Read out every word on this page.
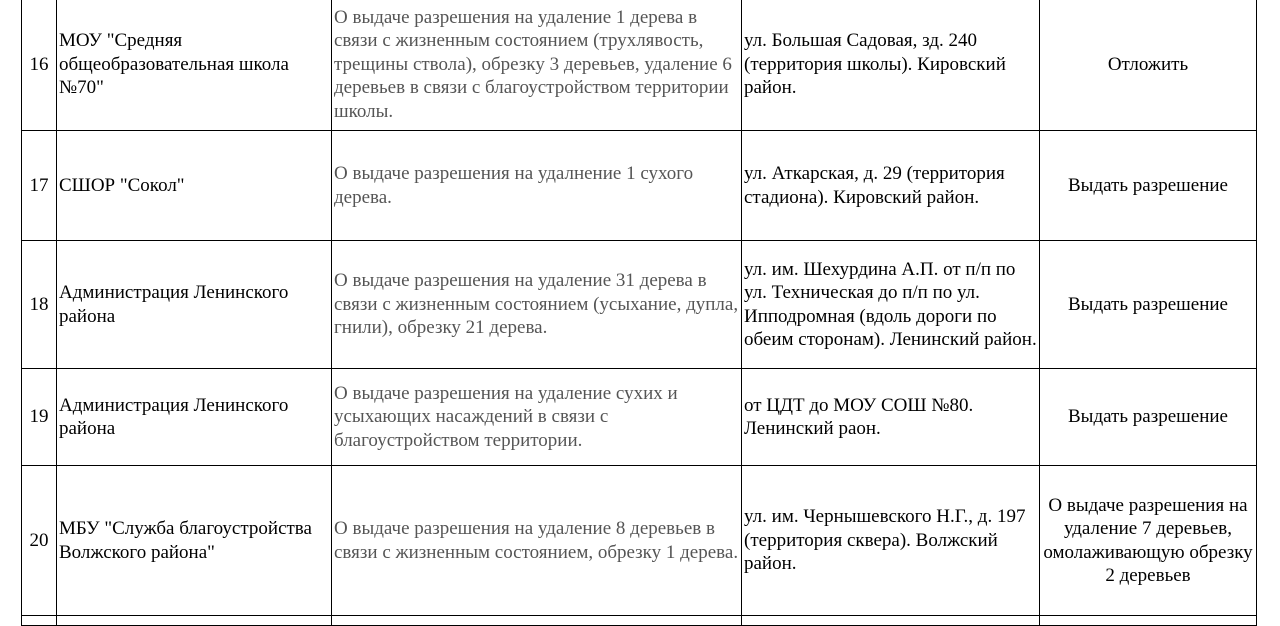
16	МОУ "Средняя общеобразовательная школа №70"	О выдаче разрешения на удаление 1 дерева в связи с жизненным состоянием (трухлявость, трещины ствола), обрезку 3 деревьев, удаление 6 деревьев в связи с благоустройством территории школы.	ул. Большая Садовая, зд. 240 (территория школы). Кировский район.	Отложить
17	СШОР "Сокол"	О выдаче разрешения на удалнение 1 сухого дерева.	ул. Аткарская, д. 29 (территория стадиона). Кировский район.	Выдать разрешение
18	Администрация Ленинского района	О выдаче разрешения на удаление 31 дерева в связи с жизненным состоянием (усыхание, дупла, гнили), обрезку 21 дерева.	ул. им. Шехурдина А.П. от п/п по ул. Техническая до п/п по ул. Ипподромная (вдоль дороги по обеим сторонам). Ленинский район.	Выдать разрешение
19	Администрация Ленинского района	О выдаче разрешения на удаление сухих и усыхающих насаждений в связи с благоустройством территории.	от ЦДТ до МОУ СОШ №80. Ленинский раон.	Выдать разрешение
20	МБУ "Служба благоустройства Волжского района"	О выдаче разрешения на удаление 8 деревьев в связи с жизненным состоянием, обрезку 1 дерева.	ул. им. Чернышевского Н.Г., д. 197 (территория сквера). Волжский район.	О выдаче разрешения на удаление 7 деревьев, омолаживающую обрезку 2 деревьев
